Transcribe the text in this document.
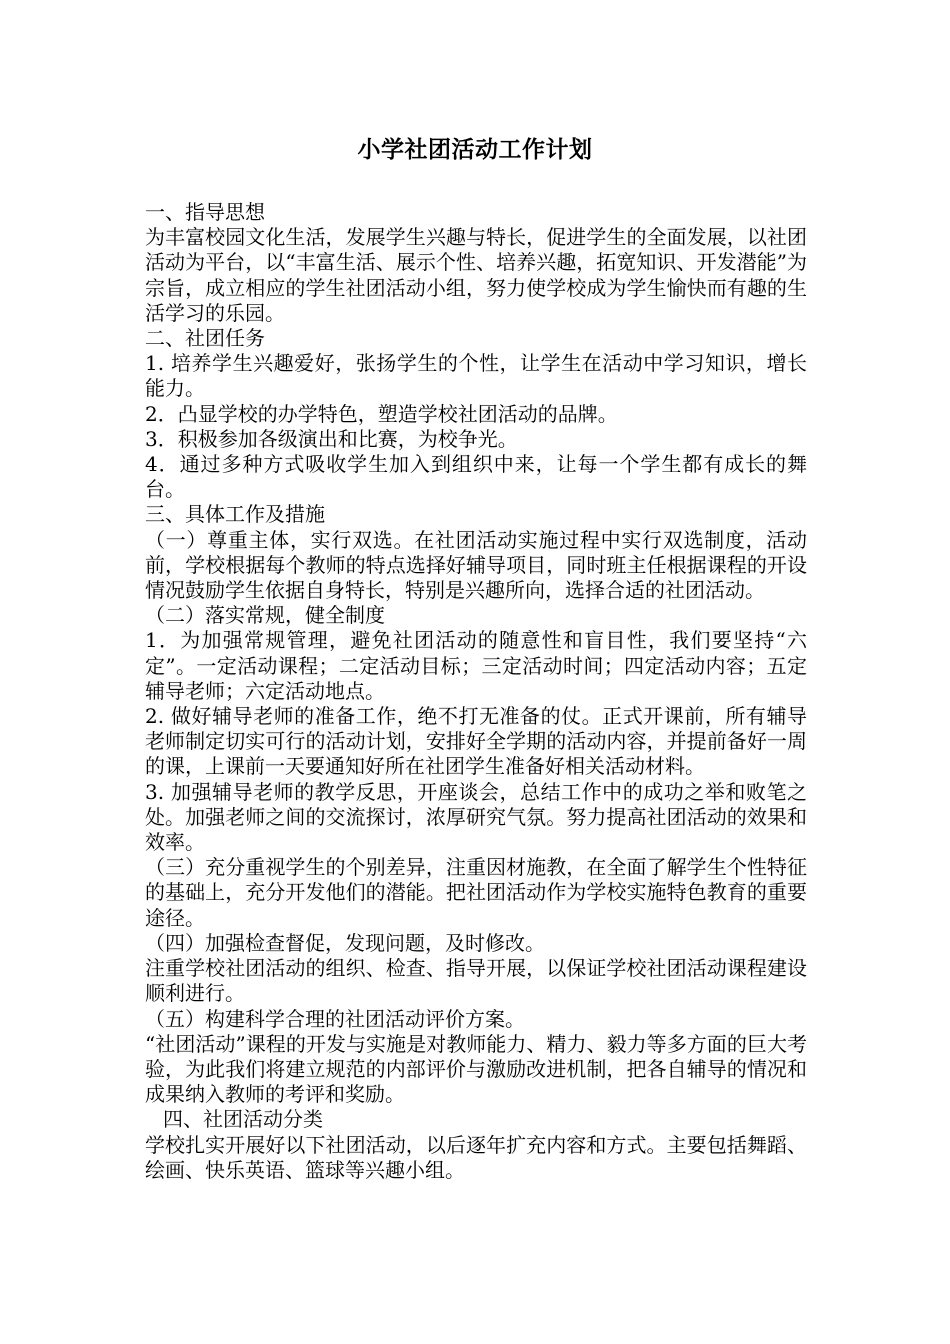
小学社团活动工作计划

一、指导思想

为丰富校园文化生活，发展学生兴趣与特长，促进学生的全面发展，以社团活动为平台，以“丰富生活、展示个性、培养兴趣，拓宽知识、开发潜能”为宗旨，成立相应的学生社团活动小组，努力使学校成为学生愉快而有趣的生活学习的乐园。

二、社团任务

1. 培养学生兴趣爱好，张扬学生的个性，让学生在活动中学习知识，增长能力。

2．凸显学校的办学特色，塑造学校社团活动的品牌。

3．积极参加各级演出和比赛，为校争光。

4．通过多种方式吸收学生加入到组织中来，让每一个学生都有成长的舞台。

三、具体工作及措施

（一）尊重主体，实行双选。在社团活动实施过程中实行双选制度，活动前，学校根据每个教师的特点选择好辅导项目，同时班主任根据课程的开设情况鼓励学生依据自身特长，特别是兴趣所向，选择合适的社团活动。

（二）落实常规，健全制度

1．为加强常规管理，避免社团活动的随意性和盲目性，我们要坚持“六定”。一定活动课程；二定活动目标；三定活动时间；四定活动内容；五定辅导老师；六定活动地点。

2. 做好辅导老师的准备工作，绝不打无准备的仗。正式开课前，所有辅导老师制定切实可行的活动计划，安排好全学期的活动内容，并提前备好一周的课，上课前一天要通知好所在社团学生准备好相关活动材料。

3. 加强辅导老师的教学反思，开座谈会，总结工作中的成功之举和败笔之处。加强老师之间的交流探讨，浓厚研究气氛。努力提高社团活动的效果和效率。

（三）充分重视学生的个别差异，注重因材施教，在全面了解学生个性特征的基础上，充分开发他们的潜能。把社团活动作为学校实施特色教育的重要途径。

（四）加强检查督促，发现问题，及时修改。

注重学校社团活动的组织、检查、指导开展，以保证学校社团活动课程建设顺利进行。

（五）构建科学合理的社团活动评价方案。

“社团活动”课程的开发与实施是对教师能力、精力、毅力等多方面的巨大考验，为此我们将建立规范的内部评价与激励改进机制，把各自辅导的情况和成果纳入教师的考评和奖励。

四、社团活动分类

学校扎实开展好以下社团活动，以后逐年扩充内容和方式。主要包括舞蹈、绘画、快乐英语、篮球等兴趣小组。
